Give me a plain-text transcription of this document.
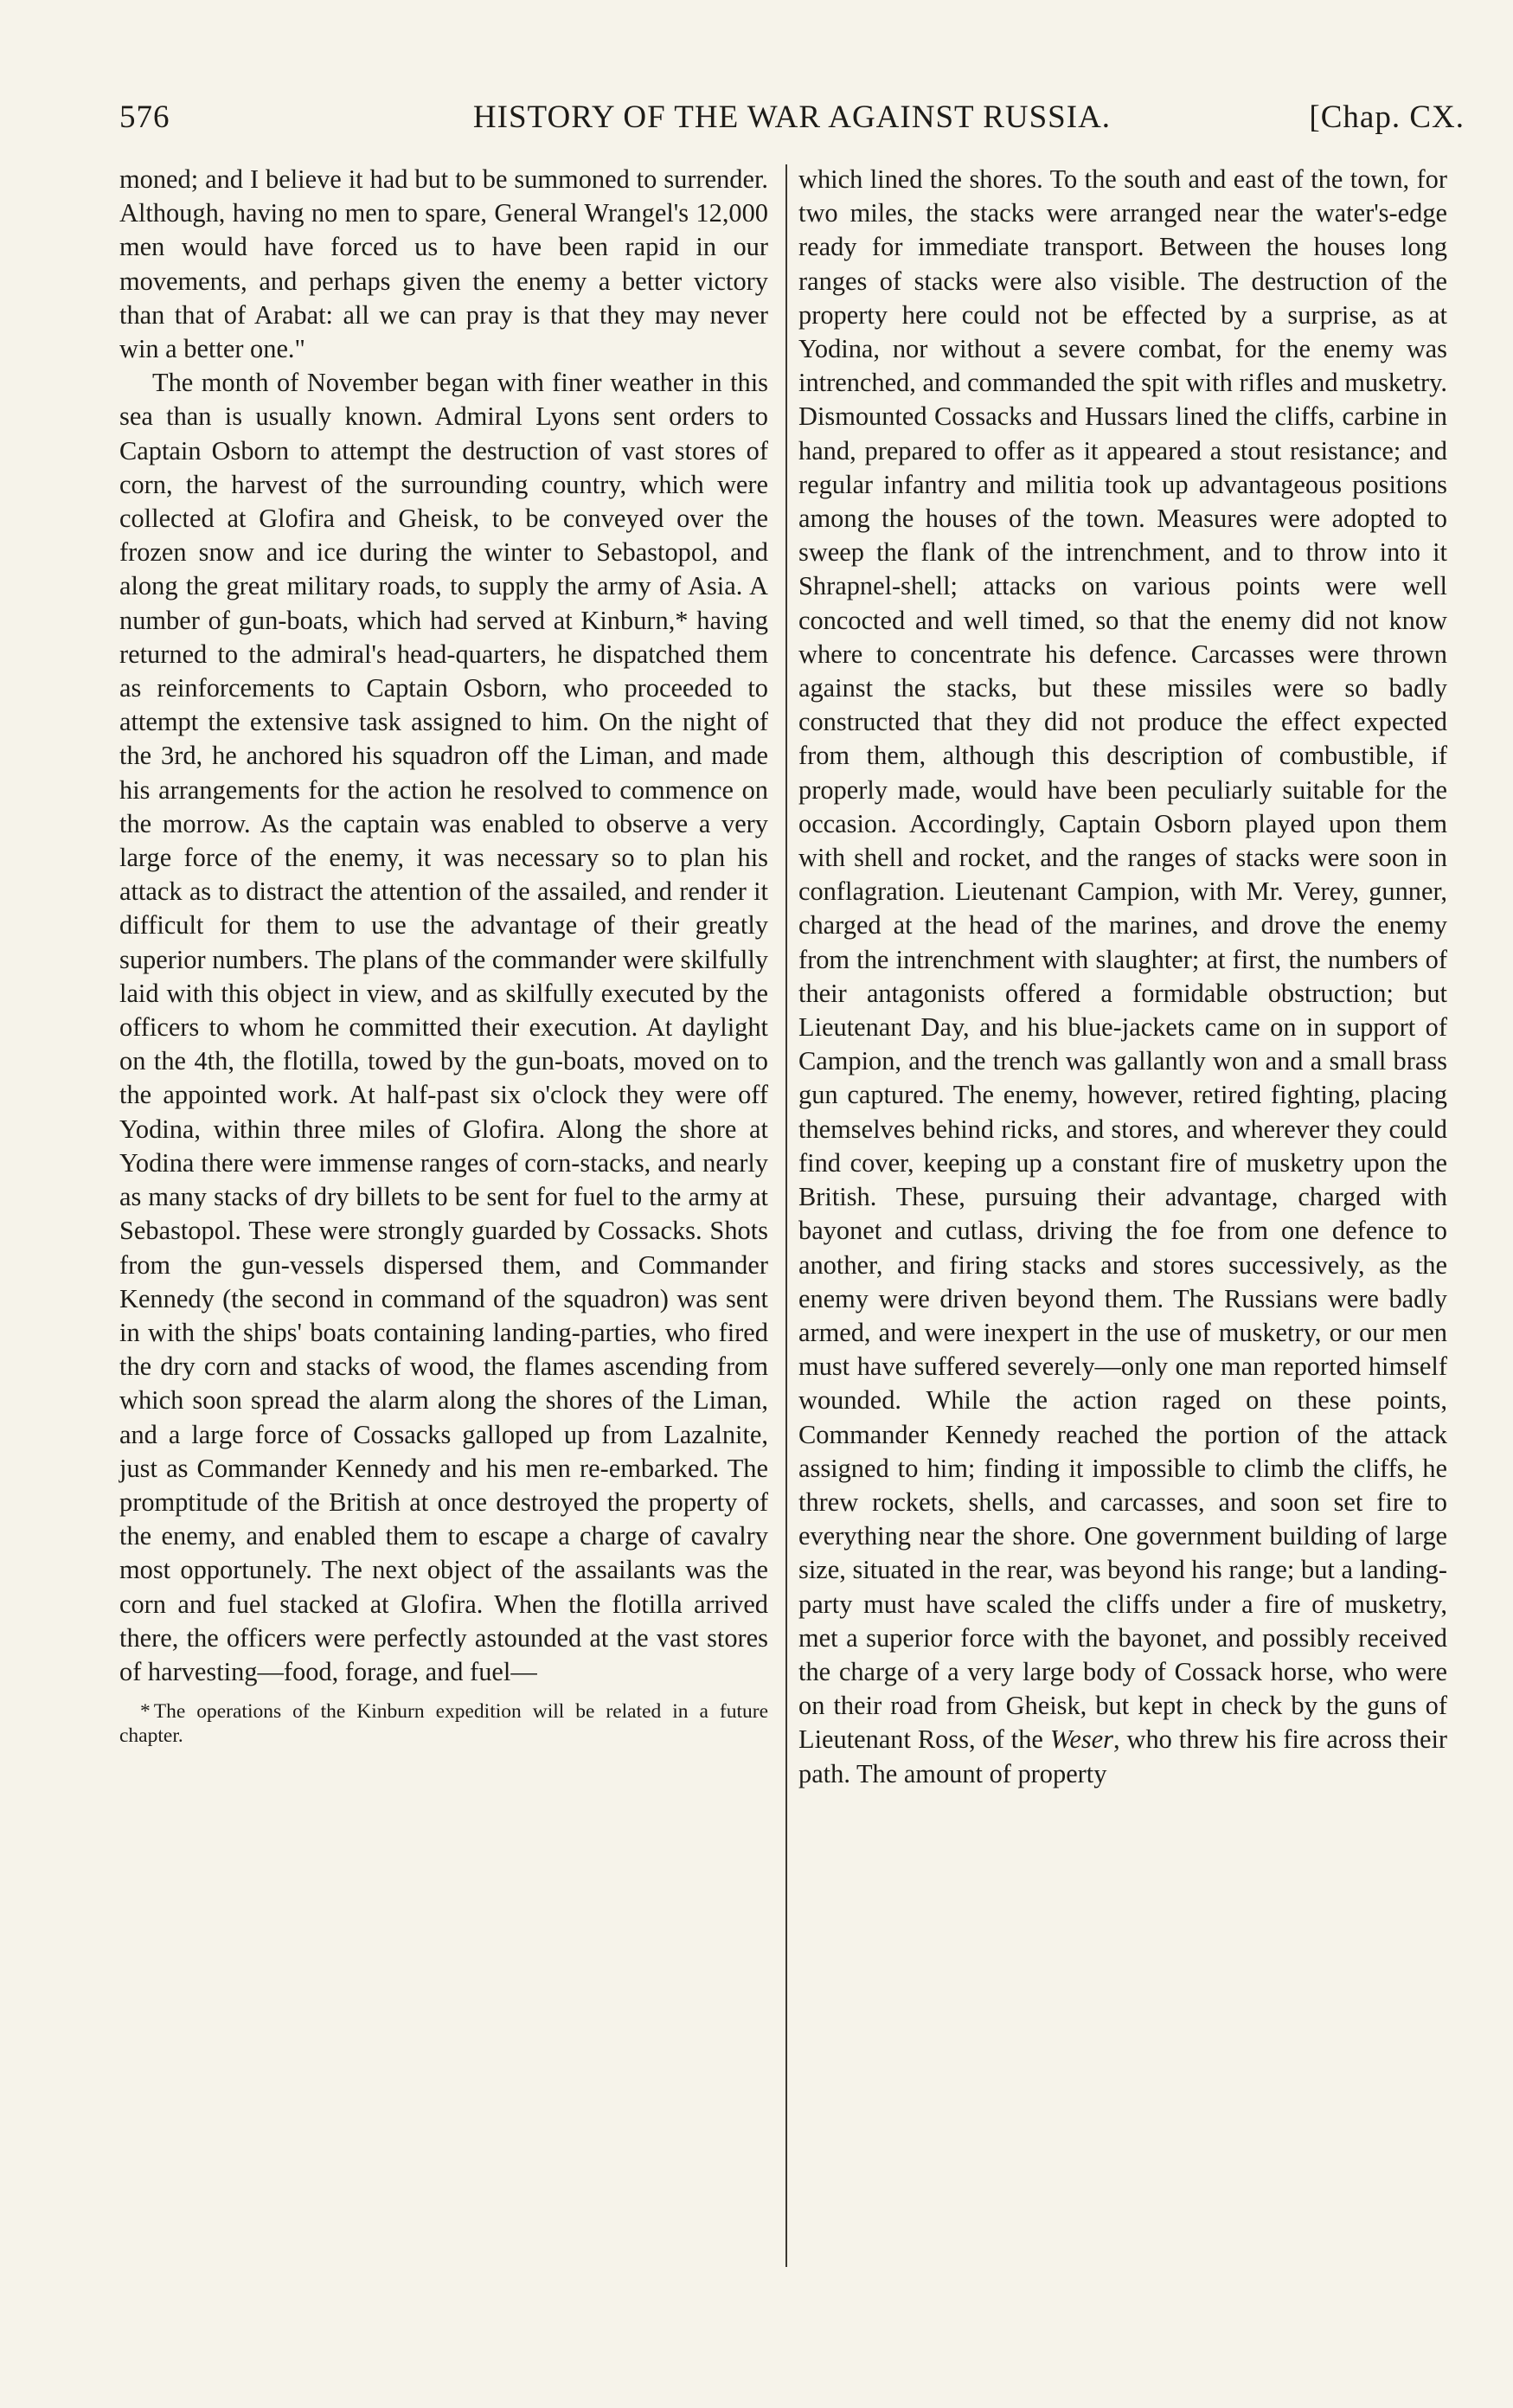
576	HISTORY OF THE WAR AGAINST RUSSIA.	[Chap. CX.

moned; and I believe it had but to be summoned to surrender. Although, having no men to spare, General Wrangel's 12,000 men would have forced us to have been rapid in our movements, and perhaps given the enemy a better victory than that of Arabat: all we can pray is that they may never win a better one."

The month of November began with finer weather in this sea than is usually known. Admiral Lyons sent orders to Captain Osborn to attempt the destruction of vast stores of corn, the harvest of the surrounding country, which were collected at Glofira and Gheisk, to be conveyed over the frozen snow and ice during the winter to Sebastopol, and along the great military roads, to supply the army of Asia. A number of gun-boats, which had served at Kinburn,* having returned to the admiral's head-quarters, he dispatched them as reinforcements to Captain Osborn, who proceeded to attempt the extensive task assigned to him. On the night of the 3rd, he anchored his squadron off the Liman, and made his arrangements for the action he resolved to commence on the morrow. As the captain was enabled to observe a very large force of the enemy, it was necessary so to plan his attack as to distract the attention of the assailed, and render it difficult for them to use the advantage of their greatly superior numbers. The plans of the commander were skilfully laid with this object in view, and as skilfully executed by the officers to whom he committed their execution. At daylight on the 4th, the flotilla, towed by the gun-boats, moved on to the appointed work. At half-past six o'clock they were off Yodina, within three miles of Glofira. Along the shore at Yodina there were immense ranges of corn-stacks, and nearly as many stacks of dry billets to be sent for fuel to the army at Sebastopol. These were strongly guarded by Cossacks. Shots from the gun-vessels dispersed them, and Commander Kennedy (the second in command of the squadron) was sent in with the ships' boats containing landing-parties, who fired the dry corn and stacks of wood, the flames ascending from which soon spread the alarm along the shores of the Liman, and a large force of Cossacks galloped up from Lazalnite, just as Commander Kennedy and his men re-embarked. The promptitude of the British at once destroyed the property of the enemy, and enabled them to escape a charge of cavalry most opportunely. The next object of the assailants was the corn and fuel stacked at Glofira. When the flotilla arrived there, the officers were perfectly astounded at the vast stores of harvesting—food, forage, and fuel—

* The operations of the Kinburn expedition will be related in a future chapter.

which lined the shores. To the south and east of the town, for two miles, the stacks were arranged near the water's-edge ready for immediate transport. Between the houses long ranges of stacks were also visible. The destruction of the property here could not be effected by a surprise, as at Yodina, nor without a severe combat, for the enemy was intrenched, and commanded the spit with rifles and musketry. Dismounted Cossacks and Hussars lined the cliffs, carbine in hand, prepared to offer as it appeared a stout resistance; and regular infantry and militia took up advantageous positions among the houses of the town. Measures were adopted to sweep the flank of the intrenchment, and to throw into it Shrapnel-shell; attacks on various points were well concocted and well timed, so that the enemy did not know where to concentrate his defence. Carcasses were thrown against the stacks, but these missiles were so badly constructed that they did not produce the effect expected from them, although this description of combustible, if properly made, would have been peculiarly suitable for the occasion. Accordingly, Captain Osborn played upon them with shell and rocket, and the ranges of stacks were soon in conflagration. Lieutenant Campion, with Mr. Verey, gunner, charged at the head of the marines, and drove the enemy from the intrenchment with slaughter; at first, the numbers of their antagonists offered a formidable obstruction; but Lieutenant Day, and his blue-jackets came on in support of Campion, and the trench was gallantly won and a small brass gun captured. The enemy, however, retired fighting, placing themselves behind ricks, and stores, and wherever they could find cover, keeping up a constant fire of musketry upon the British. These, pursuing their advantage, charged with bayonet and cutlass, driving the foe from one defence to another, and firing stacks and stores successively, as the enemy were driven beyond them. The Russians were badly armed, and were inexpert in the use of musketry, or our men must have suffered severely—only one man reported himself wounded. While the action raged on these points, Commander Kennedy reached the portion of the attack assigned to him; finding it impossible to climb the cliffs, he threw rockets, shells, and carcasses, and soon set fire to everything near the shore. One government building of large size, situated in the rear, was beyond his range; but a landing-party must have scaled the cliffs under a fire of musketry, met a superior force with the bayonet, and possibly received the charge of a very large body of Cossack horse, who were on their road from Gheisk, but kept in check by the guns of Lieutenant Ross, of the Weser, who threw his fire across their path. The amount of property
